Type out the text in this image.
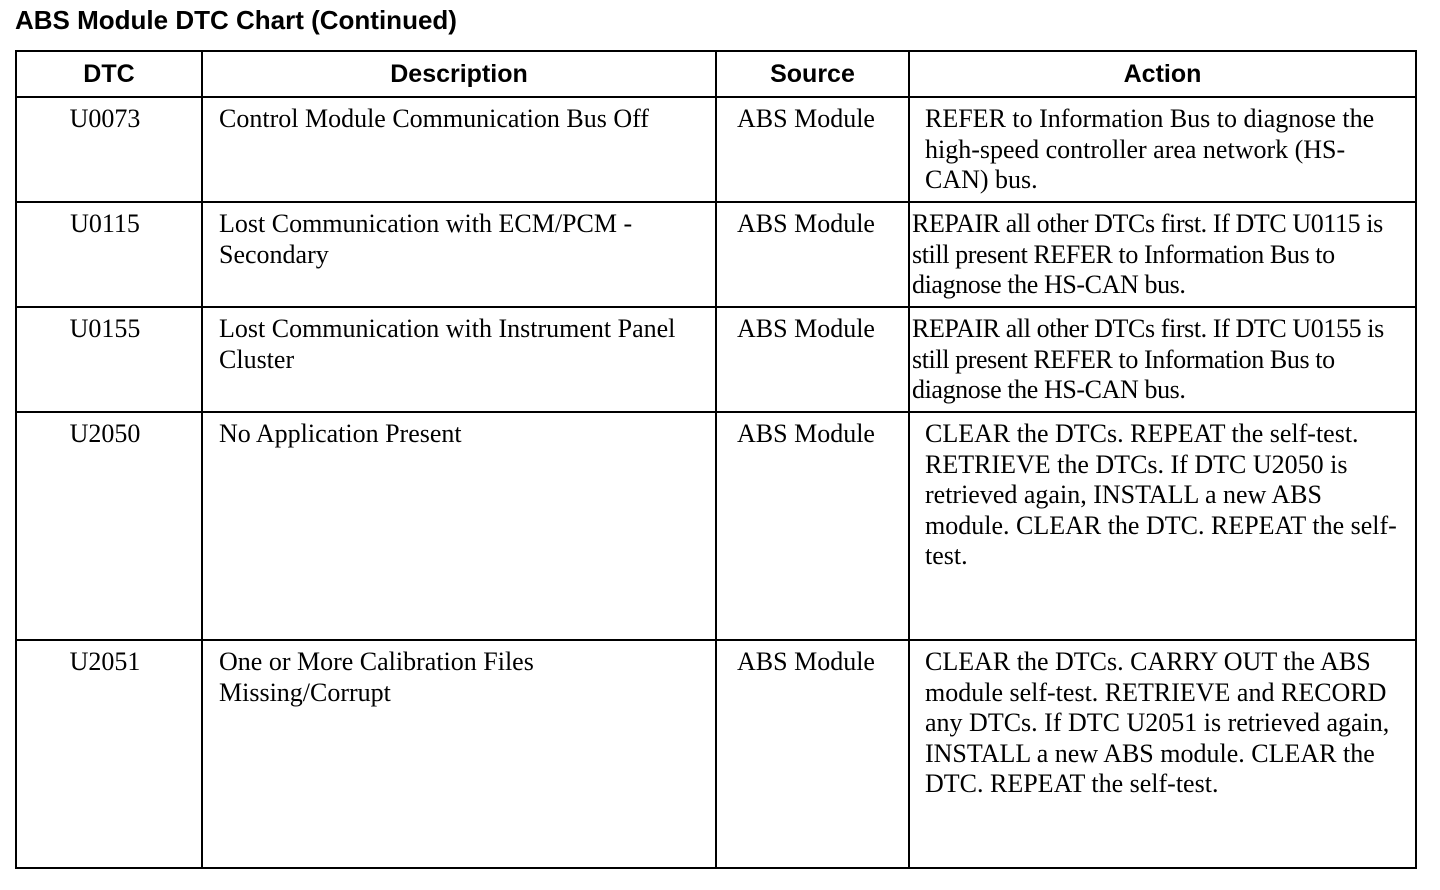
ABS Module DTC Chart (Continued)
DTC	Description	Source	Action

U0073	Control Module Communication Bus Off	ABS Module	REFER to Information Bus to diagnose the high-speed controller area network (HS-CAN) bus.

U0115	Lost Communication with ECM/PCM - Secondary	ABS Module	REPAIR all other DTCs first. If DTC U0115 is still present REFER to Information Bus to diagnose the HS-CAN bus.

U0155	Lost Communication with Instrument Panel Cluster	ABS Module	REPAIR all other DTCs first. If DTC U0155 is still present REFER to Information Bus to diagnose the HS-CAN bus.

U2050	No Application Present	ABS Module	CLEAR the DTCs. REPEAT the self-test. RETRIEVE the DTCs. If DTC U2050 is retrieved again, INSTALL a new ABS module. CLEAR the DTC. REPEAT the self-test.

U2051	One or More Calibration Files Missing/Corrupt	ABS Module	CLEAR the DTCs. CARRY OUT the ABS module self-test. RETRIEVE and RECORD any DTCs. If DTC U2051 is retrieved again, INSTALL a new ABS module. CLEAR the DTC. REPEAT the self-test.
